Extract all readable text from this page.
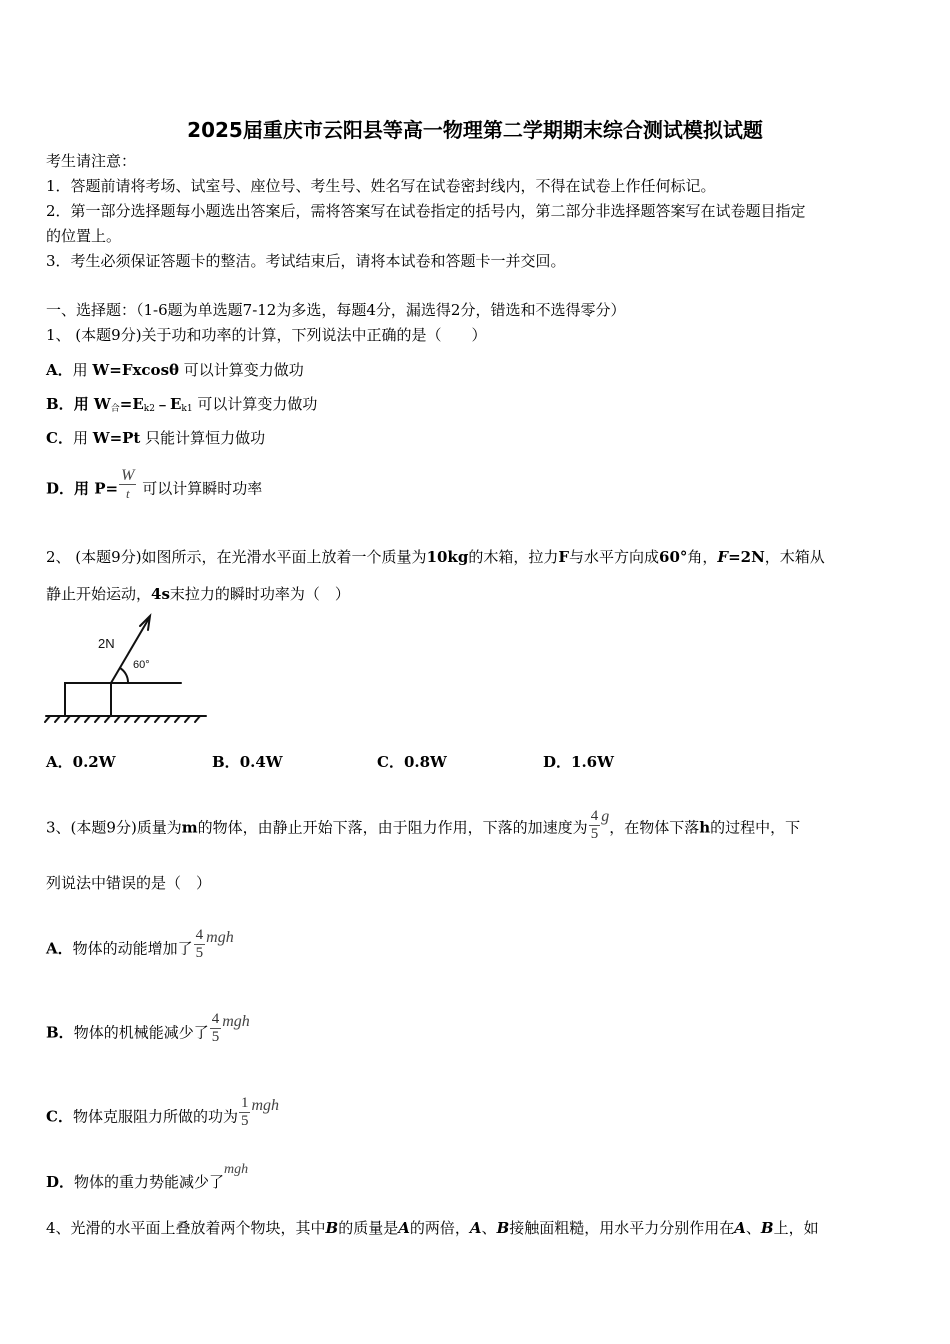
2025届重庆市云阳县等高一物理第二学期期末综合测试模拟试题
考生请注意：
1．答题前请将考场、试室号、座位号、考生号、姓名写在试卷密封线内，不得在试卷上作任何标记。
2．第一部分选择题每小题选出答案后，需将答案写在试卷指定的括号内，第二部分非选择题答案写在试卷题目指定
的位置上。
3．考生必须保证答题卡的整洁。考试结束后，请将本试卷和答题卡一并交回。
一、选择题：（1-6题为单选题7-12为多选，每题4分，漏选得2分，错选和不选得零分）
1、 (本题9分)关于功和功率的计算，下列说法中正确的是（　　）
A．用 W=Fxcosθ 可以计算变力做功
B．用 $W_合=E_{k2}﹣E_{k1}$ 可以计算变力做功
C．用 W=Pt 只能计算恒力做功
D．用 $P= \frac{W}{t}$ 可以计算瞬时功率
2、 (本题9分)如图所示，在光滑水平面上放着一个质量为10kg的木箱，拉力F与水平方向成60°角，F=2N，木箱从
静止开始运动，4s末拉力的瞬时功率为（　）
2N
60°
A．0.2W	B．0.4W	C．0.8W	D．1.6W
3、(本题9分)质量为m的物体，由静止开始下落，由于阻力作用，下落的加速度为 $\frac{4}{5}$ g，在物体下落h的过程中，下
列说法中错误的是（　）
A．物体的动能增加了 $\frac{4}{5}$ mgh
B．物体的机械能减少了 $\frac{4}{5}$ mgh
C．物体克服阻力所做的功为 $\frac{1}{5}$ mgh
D．物体的重力势能减少了mgh
4、光滑的水平面上叠放着两个物块，其中B的质量是A的两倍，A、B接触面粗糙，用水平力分别作用在A、B上，如
